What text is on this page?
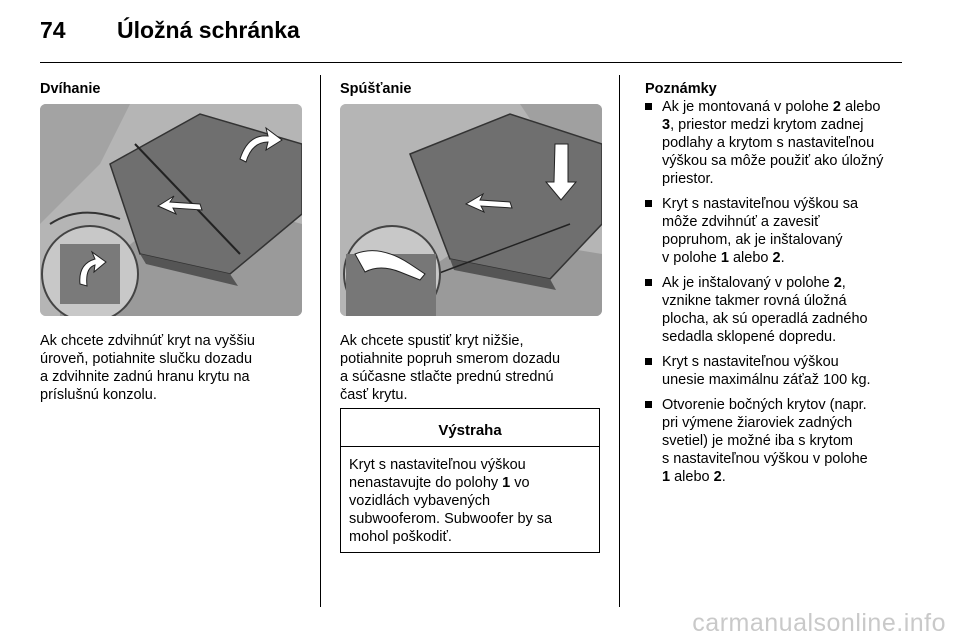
74 Úložná schránka
Dvíhanie
Ak chcete zdvihnúť kryt na vyššiu
úroveň, potiahnite slučku dozadu
a zdvihnite zadnú hranu krytu na
príslušnú konzolu.
Spúšťanie
Ak chcete spustiť kryt nižšie,
potiahnite popruh smerom dozadu
a súčasne stlačte prednú strednú
časť krytu.
Výstraha
Kryt s nastaviteľnou výškou
nenastavujte do polohy 1 vo
vozidlách vybavených
subwooferom. Subwoofer by sa
mohol poškodiť.
Poznámky
Ak je montovaná v polohe 2 alebo
3, priestor medzi krytom zadnej
podlahy a krytom s nastaviteľnou
výškou sa môže použiť ako úložný
priestor.
Kryt s nastaviteľnou výškou sa
môže zdvihnúť a zavesiť
popruhom, ak je inštalovaný
v polohe 1 alebo 2.
Ak je inštalovaný v polohe 2,
vznikne takmer rovná úložná
plocha, ak sú operadlá zadného
sedadla sklopené dopredu.
Kryt s nastaviteľnou výškou
unesie maximálnu záťaž 100 kg.
Otvorenie bočných krytov (napr.
pri výmene žiaroviek zadných
svetiel) je možné iba s krytom
s nastaviteľnou výškou v polohe
1 alebo 2.
carmanualsonline.info
